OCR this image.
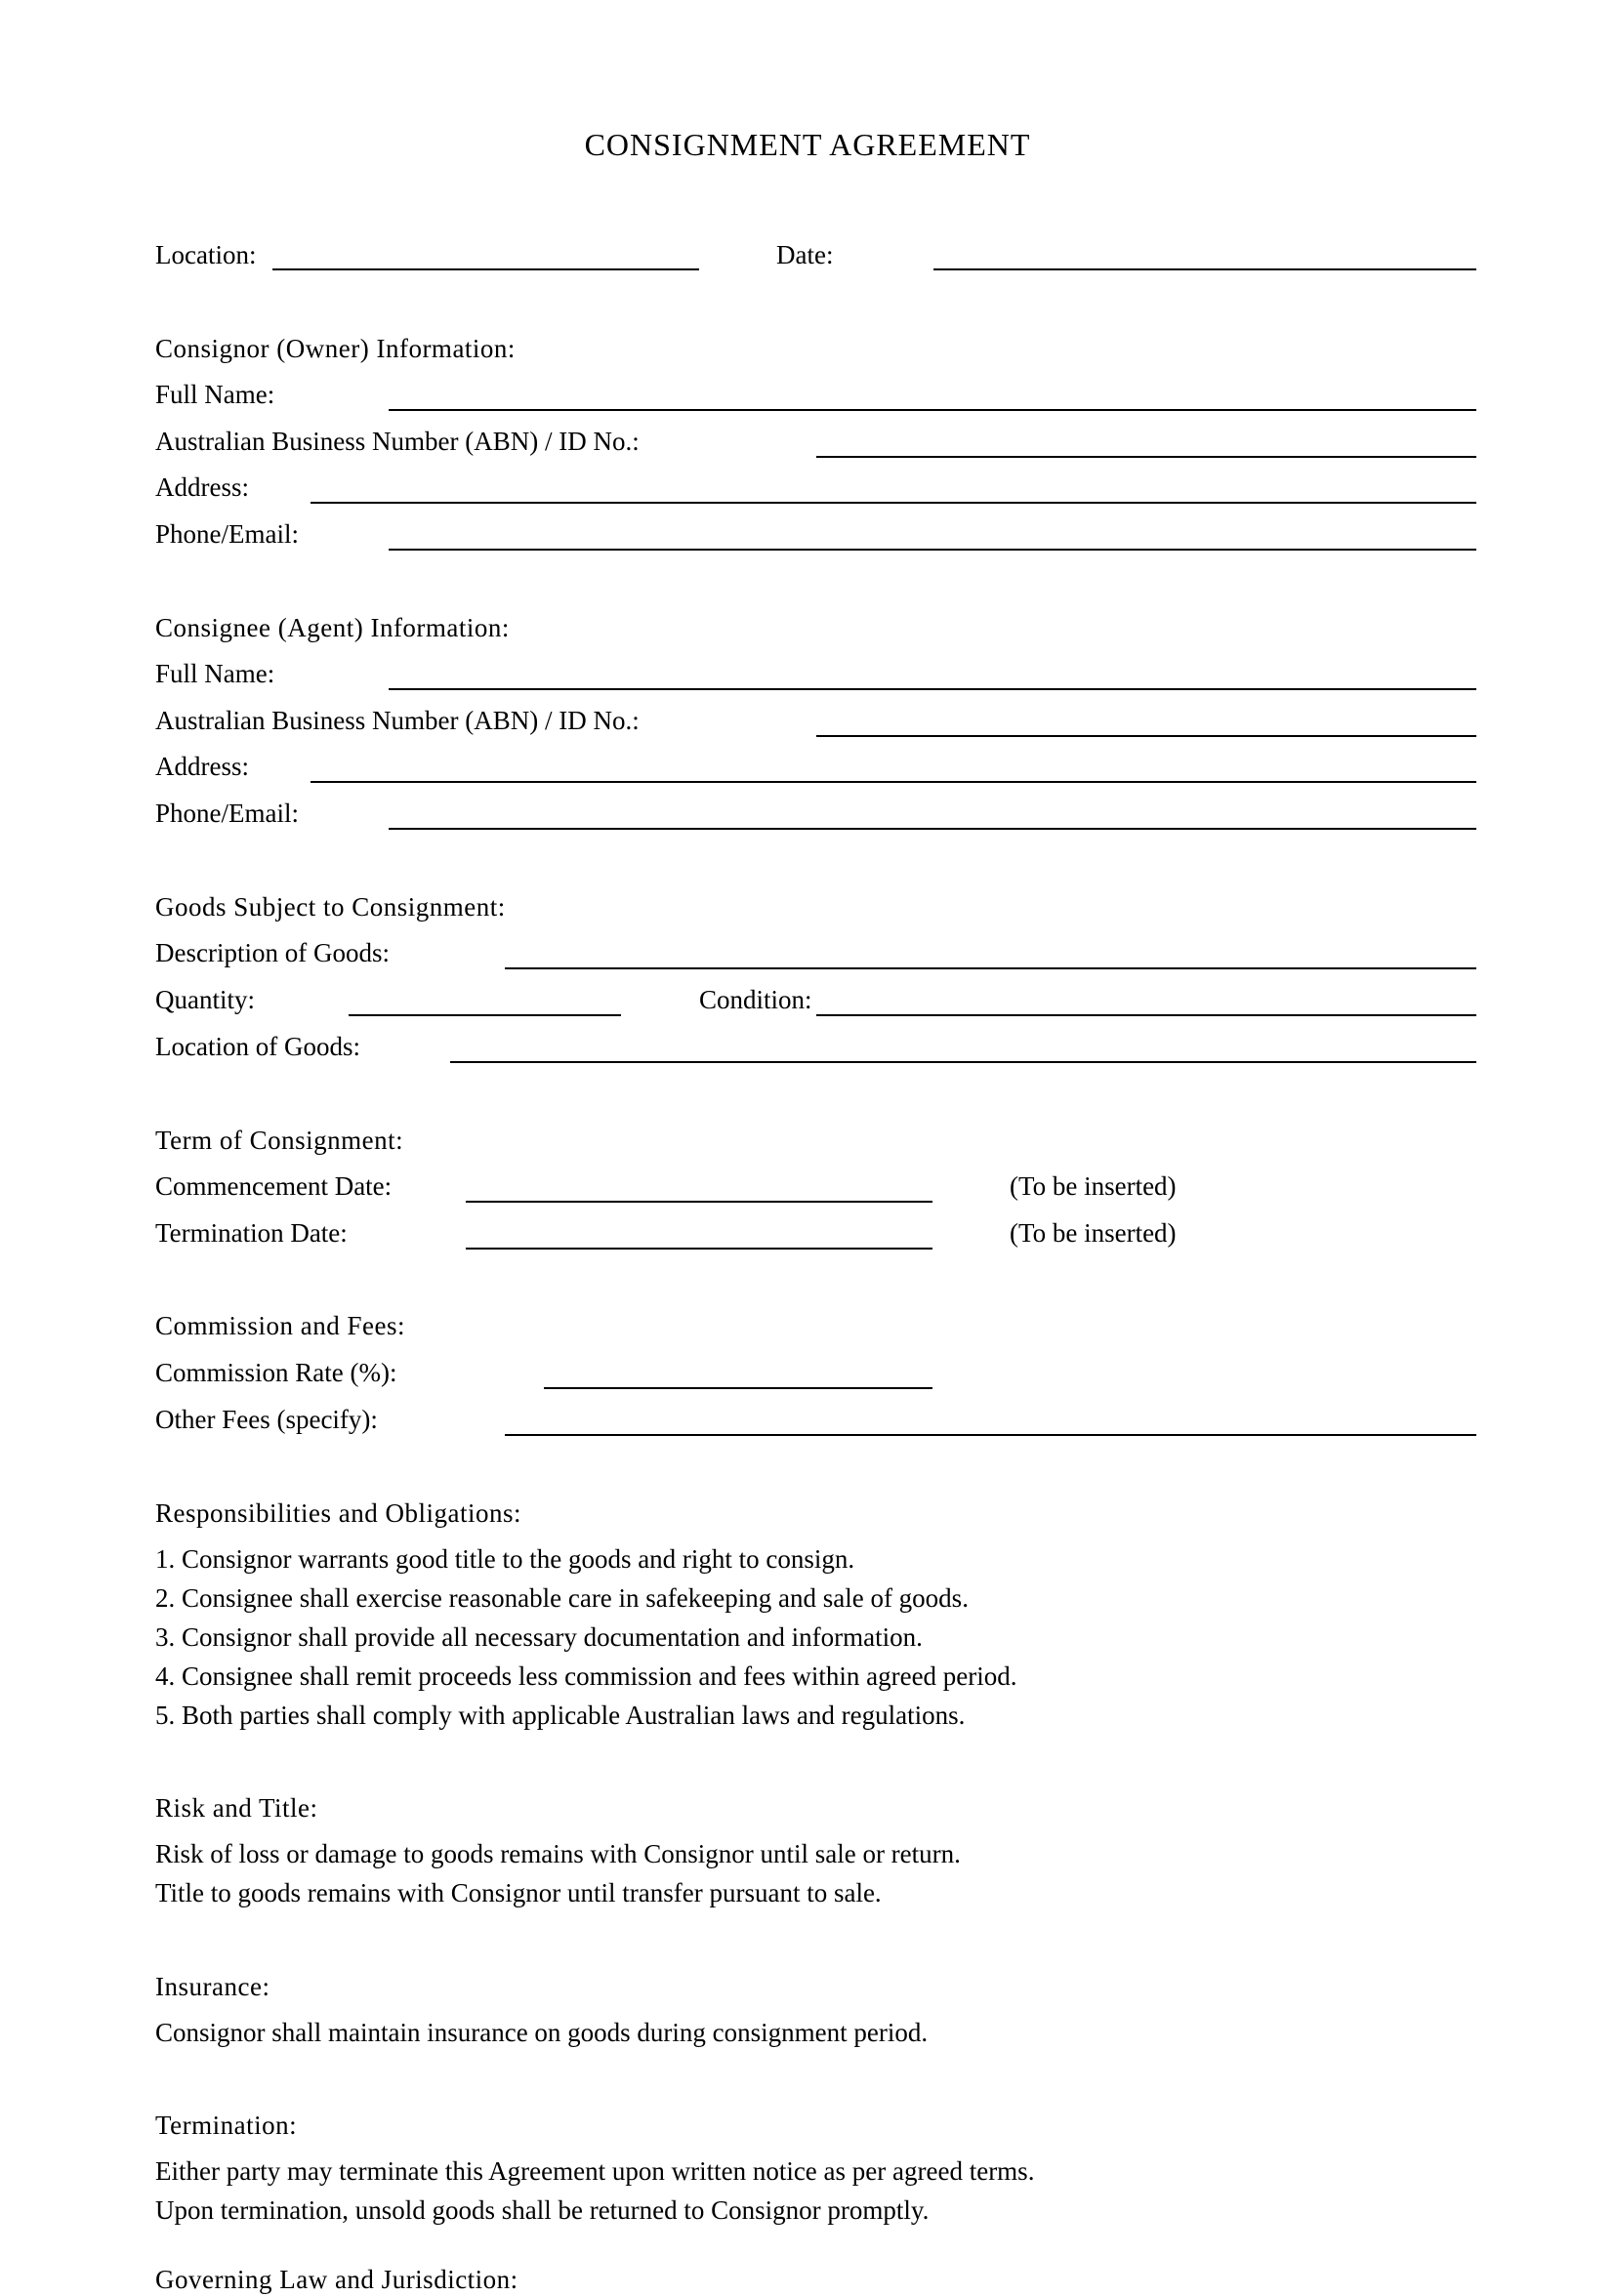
CONSIGNMENT AGREEMENT
Location:	Date:
Consignor (Owner) Information:
Full Name:
Australian Business Number (ABN) / ID No.:
Address:
Phone/Email:
Consignee (Agent) Information:
Full Name:
Australian Business Number (ABN) / ID No.:
Address:
Phone/Email:
Goods Subject to Consignment:
Description of Goods:
Quantity:	Condition:
Location of Goods:
Term of Consignment:
Commencement Date:	(To be inserted)
Termination Date:	(To be inserted)
Commission and Fees:
Commission Rate (%):
Other Fees (specify):
Responsibilities and Obligations:
1. Consignor warrants good title to the goods and right to consign.
2. Consignee shall exercise reasonable care in safekeeping and sale of goods.
3. Consignor shall provide all necessary documentation and information.
4. Consignee shall remit proceeds less commission and fees within agreed period.
5. Both parties shall comply with applicable Australian laws and regulations.
Risk and Title:
Risk of loss or damage to goods remains with Consignor until sale or return.
Title to goods remains with Consignor until transfer pursuant to sale.
Insurance:
Consignor shall maintain insurance on goods during consignment period.
Termination:
Either party may terminate this Agreement upon written notice as per agreed terms.
Upon termination, unsold goods shall be returned to Consignor promptly.
Governing Law and Jurisdiction:
